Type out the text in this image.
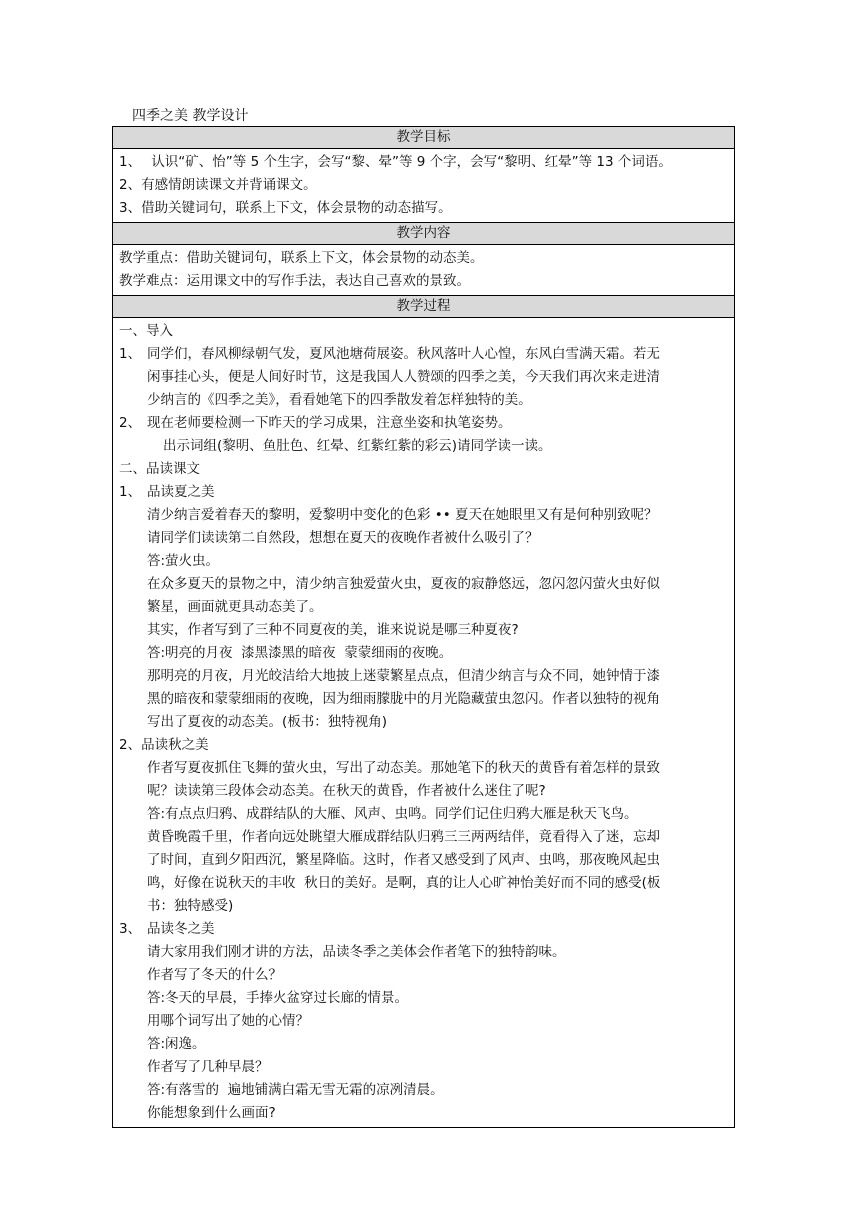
四季之美 教学设计
教学目标
1、 认识“矿、怡”等 5 个生字，会写“黎、晕”等 9 个字，会写“黎明、红晕”等 13 个词语。
2、有感情朗读课文并背诵课文。
3、借助关键词句，联系上下文，体会景物的动态描写。
教学内容
教学重点：借助关键词句，联系上下文，体会景物的动态美。
教学难点：运用课文中的写作手法，表达自己喜欢的景致。
教学过程
一、导入
1、 同学们，春风柳绿朝气发，夏风池塘荷展姿。秋风落叶人心惶，东风白雪满天霜。若无
闲事挂心头，便是人间好时节，这是我国人人赞颂的四季之美，今天我们再次来走进清
少纳言的《四季之美》，看看她笔下的四季散发着怎样独特的美。
2、 现在老师要检测一下昨天的学习成果，注意坐姿和执笔姿势。
出示词组(黎明、鱼肚色、红晕、红紫红紫的彩云)请同学读一读。
二、品读课文
1、 品读夏之美
清少纳言爱着春天的黎明，爱黎明中变化的色彩 •• 夏天在她眼里又有是何种别致呢？
请同学们读读第二自然段，想想在夏天的夜晚作者被什么吸引了？
答:萤火虫。
在众多夏天的景物之中，清少纳言独爱萤火虫，夏夜的寂静悠远，忽闪忽闪萤火虫好似
繁星，画面就更具动态美了。
其实，作者写到了三种不同夏夜的美，谁来说说是哪三种夏夜?
答:明亮的月夜  漆黑漆黑的暗夜  蒙蒙细雨的夜晚。
那明亮的月夜，月光皎洁给大地披上迷蒙繁星点点，但清少纳言与众不同，她钟情于漆
黑的暗夜和蒙蒙细雨的夜晚，因为细雨朦胧中的月光隐藏萤虫忽闪。作者以独特的视角
写出了夏夜的动态美。(板书：独特视角)
2、品读秋之美
作者写夏夜抓住飞舞的萤火虫，写出了动态美。那她笔下的秋天的黄昏有着怎样的景致
呢？读读第三段体会动态美。在秋天的黄昏，作者被什么迷住了呢?
答:有点点归鸦、成群结队的大雁、风声、虫鸣。同学们记住归鸦大雁是秋天飞鸟。
黄昏晚霞千里，作者向远处眺望大雁成群结队归鸦三三两两结伴，竟看得入了迷，忘却
了时间，直到夕阳西沉，繁星降临。这时，作者又感受到了风声、虫鸣，那夜晚风起虫
鸣，好像在说秋天的丰收  秋日的美好。是啊，真的让人心旷神怡美好而不同的感受(板
书：独特感受)
3、 品读冬之美
请大家用我们刚才讲的方法，品读冬季之美体会作者笔下的独特韵味。
作者写了冬天的什么？
答:冬天的早晨，手捧火盆穿过长廊的情景。
用哪个词写出了她的心情？
答:闲逸。
作者写了几种早晨？
答:有落雪的  遍地铺满白霜无雪无霜的凉冽清晨。
你能想象到什么画面?
